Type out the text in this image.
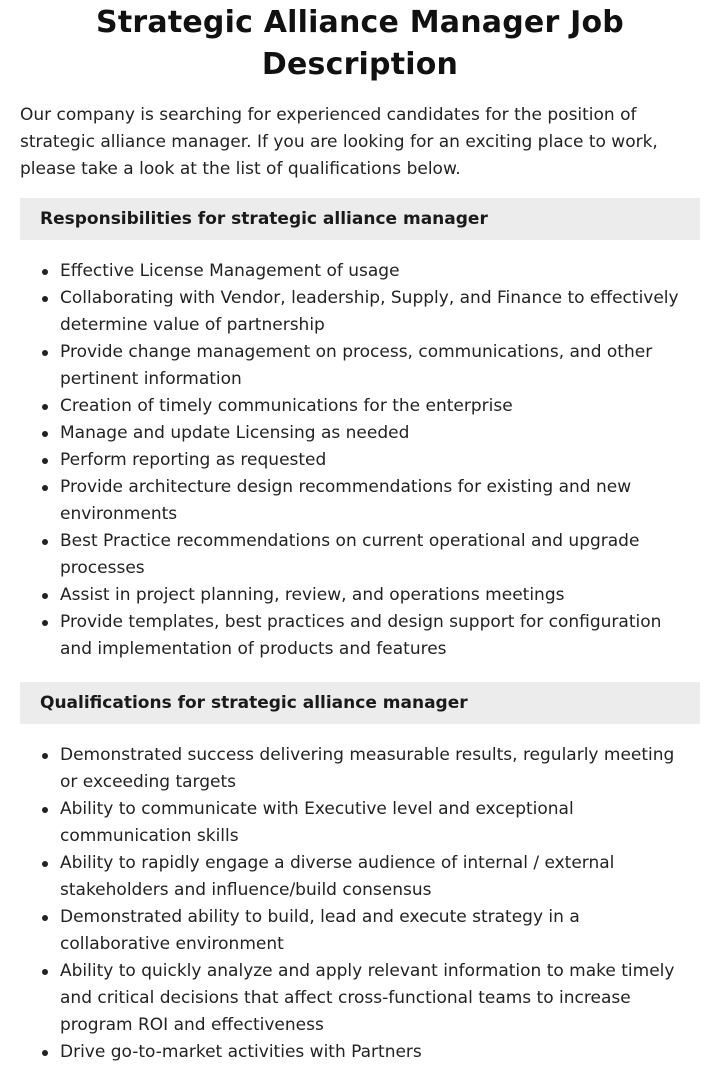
Strategic Alliance Manager Job Description

Our company is searching for experienced candidates for the position of strategic alliance manager. If you are looking for an exciting place to work, please take a look at the list of qualifications below.

Responsibilities for strategic alliance manager
Effective License Management of usage
Collaborating with Vendor, leadership, Supply, and Finance to effectively determine value of partnership
Provide change management on process, communications, and other pertinent information
Creation of timely communications for the enterprise
Manage and update Licensing as needed
Perform reporting as requested
Provide architecture design recommendations for existing and new environments
Best Practice recommendations on current operational and upgrade processes
Assist in project planning, review, and operations meetings
Provide templates, best practices and design support for configuration and implementation of products and features
Qualifications for strategic alliance manager
Demonstrated success delivering measurable results, regularly meeting or exceeding targets
Ability to communicate with Executive level and exceptional communication skills
Ability to rapidly engage a diverse audience of internal / external stakeholders and influence/build consensus
Demonstrated ability to build, lead and execute strategy in a collaborative environment
Ability to quickly analyze and apply relevant information to make timely and critical decisions that affect cross-functional teams to increase program ROI and effectiveness
Drive go-to-market activities with Partners
